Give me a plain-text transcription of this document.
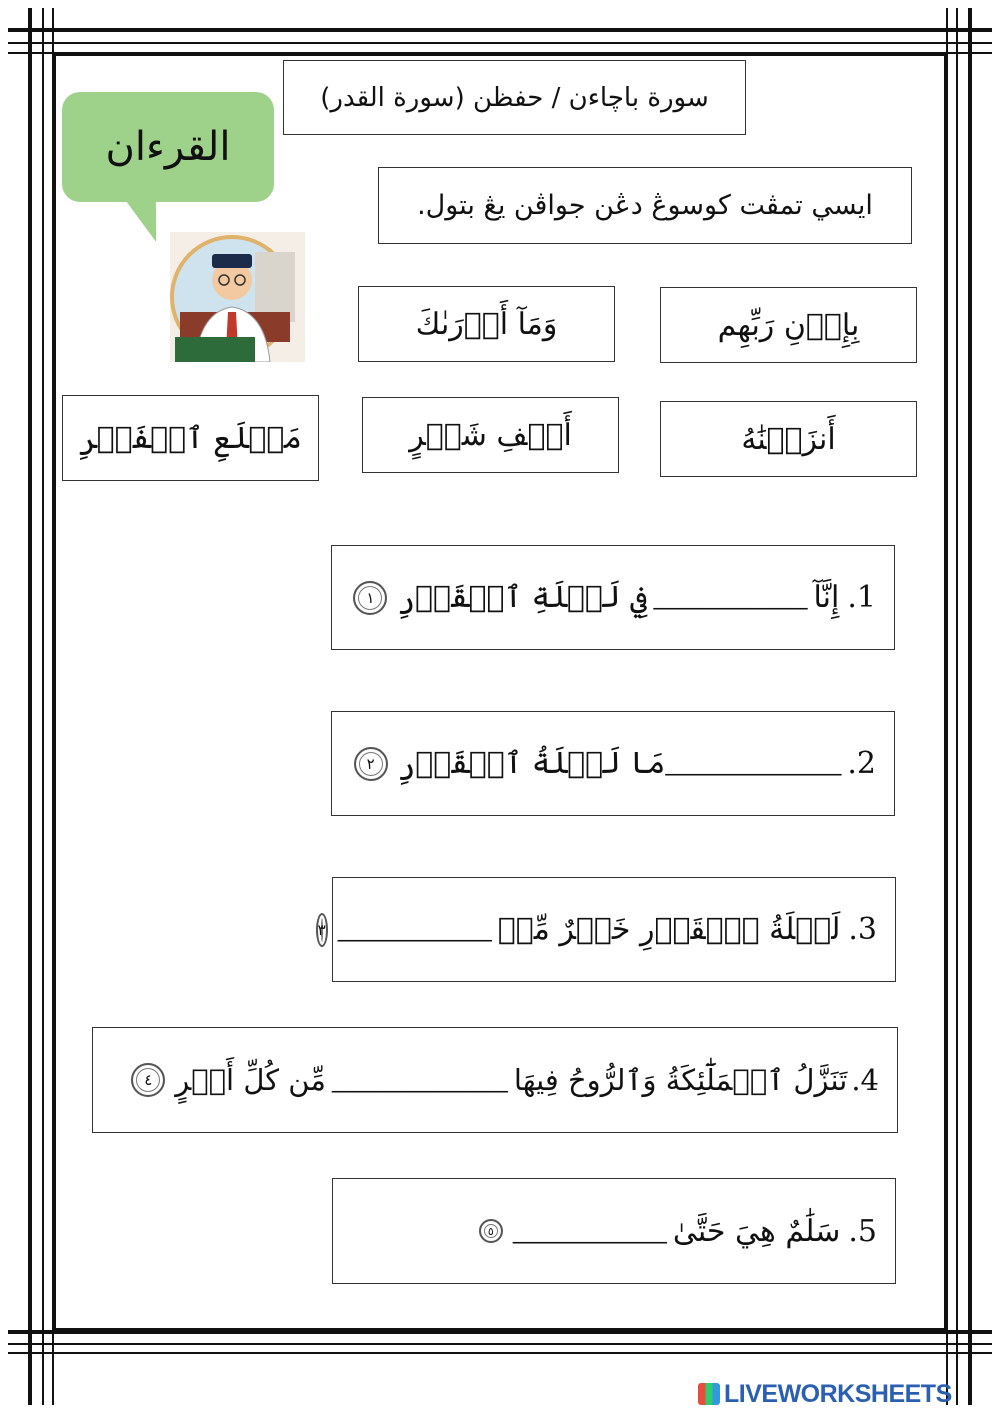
سورة باچاءن / حفظن (سورة القدر)
القرءان
ايسي تمڤت كوسوڠ دڠن جواڤن يڠ بتول.
بِإِذۡنِ رَبِّهِم
وَمَآ أَدۡرَىٰكَ
أَنزَلۡنَٰهُ
أَلۡفِ شَهۡرٍ
مَطۡلَعِ ٱلۡفَجۡرِ
1.
إِنَّآ
______________
فِي لَيۡلَةِ ٱلۡقَدۡرِ
١
2.
________________
مَا لَيۡلَةُ ٱلۡقَدۡرِ
٢
3.
لَيۡلَةُ ٱلۡقَدۡرِ خَيۡرٌ مِّنۡ
______________
٣
4.
تَنَزَّلُ ٱلۡمَلَٰٓئِكَةُ وَٱلرُّوحُ فِيهَا
________________
مِّن كُلِّ أَمۡرٍ
٤
5.
سَلَٰمٌ هِيَ حَتَّىٰ
______________
٥
LIVEWORKSHEETS
